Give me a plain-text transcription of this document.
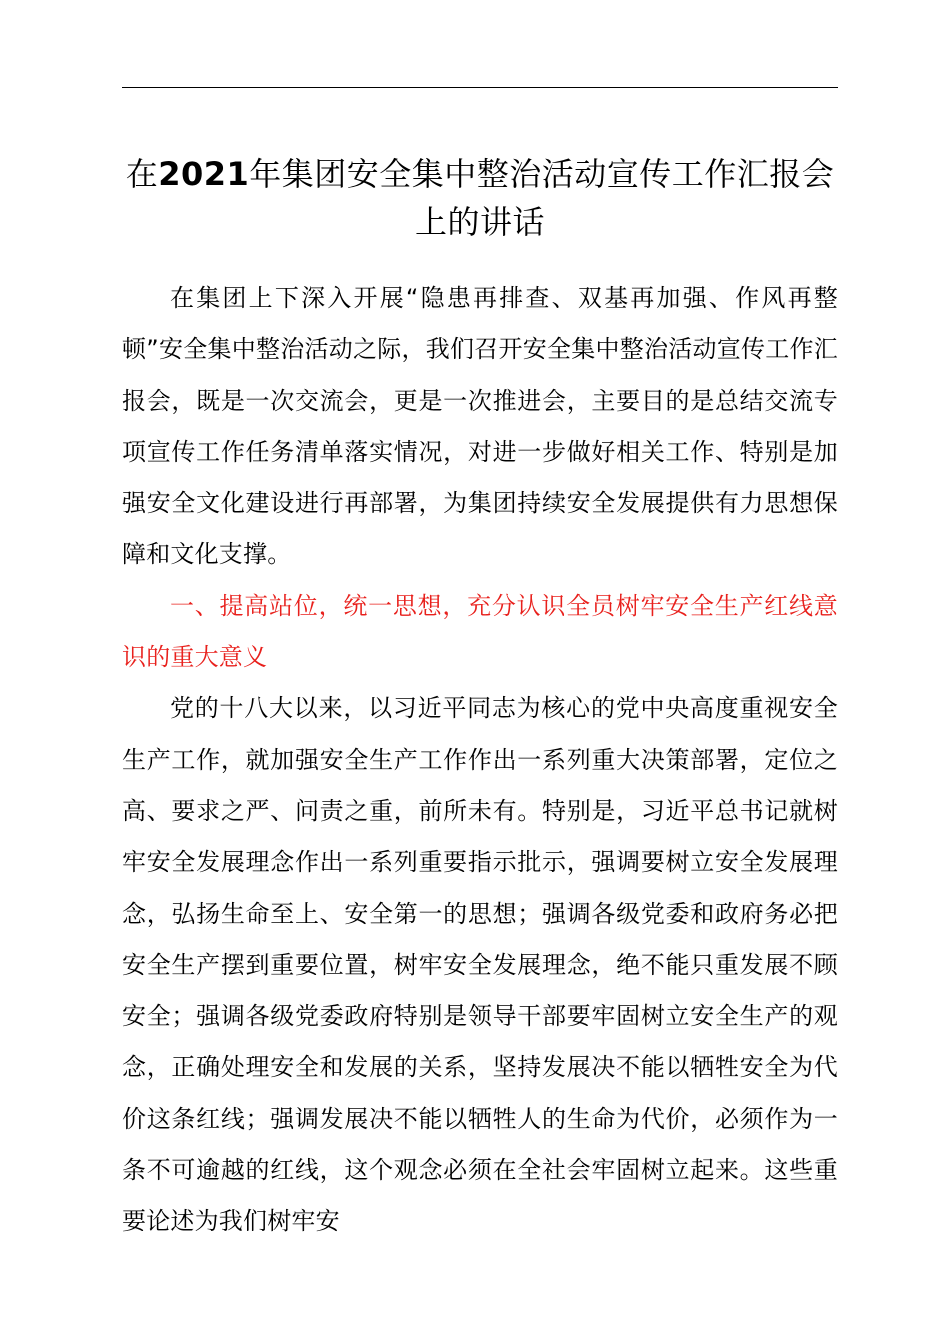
在2021年集团安全集中整治活动宣传工作汇报会上的讲话

在集团上下深入开展“隐患再排查、双基再加强、作风再整顿”安全集中整治活动之际，我们召开安全集中整治活动宣传工作汇报会，既是一次交流会，更是一次推进会，主要目的是总结交流专项宣传工作任务清单落实情况，对进一步做好相关工作、特别是加强安全文化建设进行再部署，为集团持续安全发展提供有力思想保障和文化支撑。

一、提高站位，统一思想，充分认识全员树牢安全生产红线意识的重大意义

党的十八大以来，以习近平同志为核心的党中央高度重视安全生产工作，就加强安全生产工作作出一系列重大决策部署，定位之高、要求之严、问责之重，前所未有。特别是，习近平总书记就树牢安全发展理念作出一系列重要指示批示，强调要树立安全发展理念，弘扬生命至上、安全第一的思想；强调各级党委和政府务必把安全生产摆到重要位置，树牢安全发展理念，绝不能只重发展不顾安全；强调各级党委政府特别是领导干部要牢固树立安全生产的观念，正确处理安全和发展的关系，坚持发展决不能以牺牲安全为代价这条红线；强调发展决不能以牺牲人的生命为代价，必须作为一条不可逾越的红线，这个观念必须在全社会牢固树立起来。这些重要论述为我们树牢安
